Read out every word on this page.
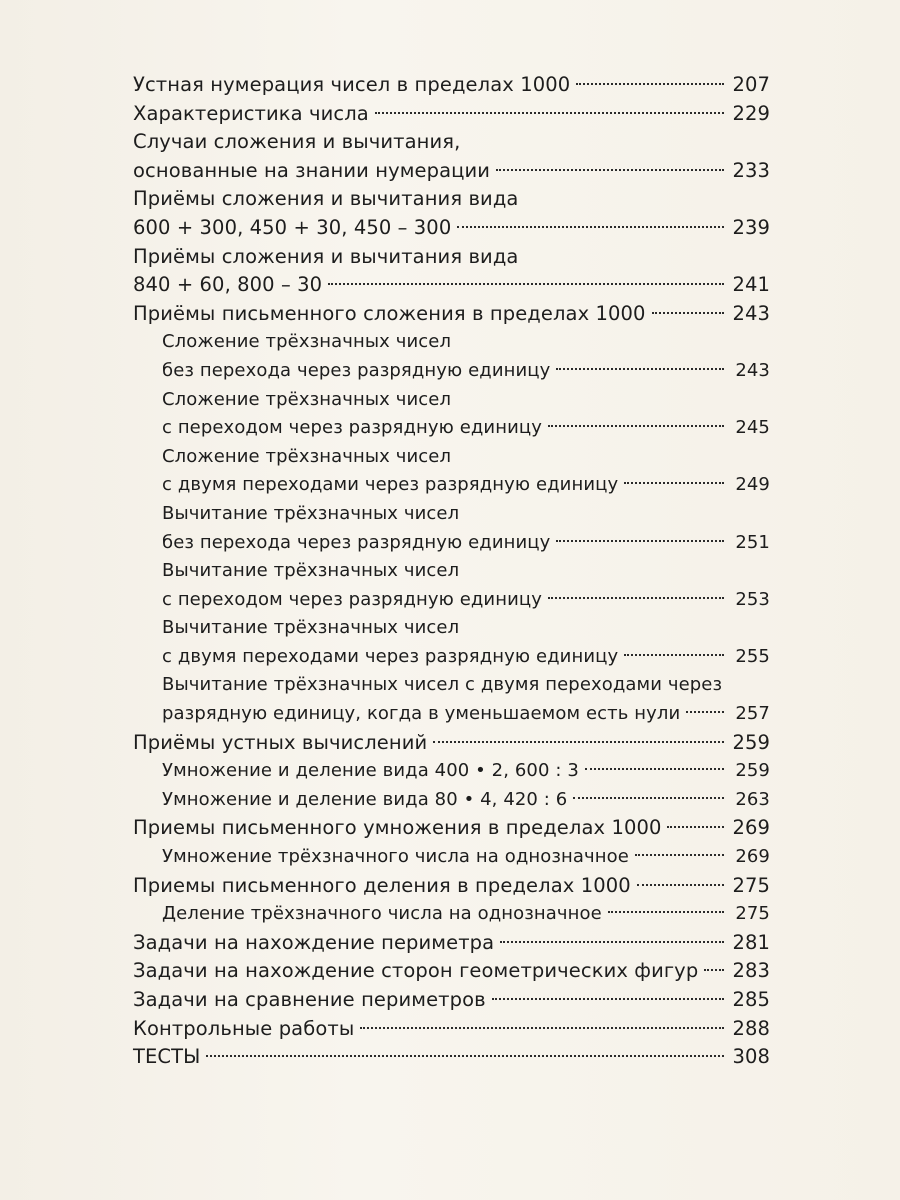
Устная нумерация чисел в пределах 1000	207
Характеристика числа	229
Случаи сложения и вычитания,
основанные на знании нумерации	233
Приёмы сложения и вычитания вида
600 + 300, 450 + 30, 450 – 300	239
Приёмы сложения и вычитания вида
840 + 60, 800 – 30	241
Приёмы письменного сложения в пределах 1000	243
Сложение трёхзначных чисел
без перехода через разрядную единицу	243
Сложение трёхзначных чисел
с переходом через разрядную единицу	245
Сложение трёхзначных чисел
с двумя переходами через разрядную единицу	249
Вычитание трёхзначных чисел
без перехода через разрядную единицу	251
Вычитание трёхзначных чисел
с переходом через разрядную единицу	253
Вычитание трёхзначных чисел
с двумя переходами через разрядную единицу	255
Вычитание трёхзначных чисел с двумя переходами через
разрядную единицу, когда в уменьшаемом есть нули	257
Приёмы устных вычислений	259
Умножение и деление вида 400 • 2, 600 : 3	259
Умножение и деление вида 80 • 4, 420 : 6	263
Приемы письменного умножения в пределах 1000	269
Умножение трёхзначного числа на однозначное	269
Приемы письменного деления в пределах 1000	275
Деление трёхзначного числа на однозначное	275
Задачи на нахождение периметра	281
Задачи на нахождение сторон геометрических фигур 283
Задачи на сравнение периметров	285
Контрольные работы	288
ТЕСТЫ	308
